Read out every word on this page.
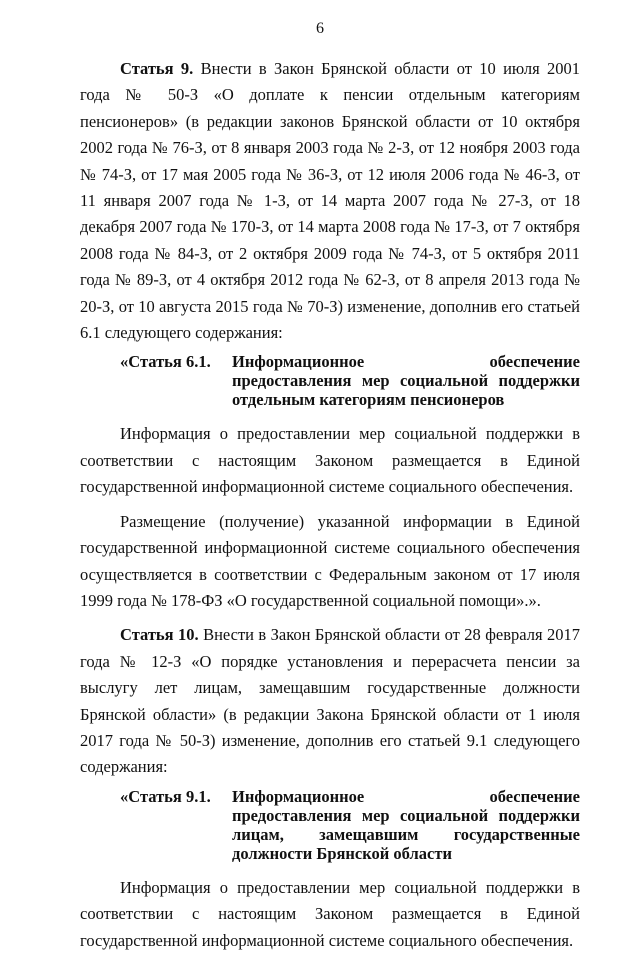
6

Статья 9. Внести в Закон Брянской области от 10 июля 2001 года № 50-З «О доплате к пенсии отдельным категориям пенсионеров» (в редакции законов Брянской области от 10 октября 2002 года № 76-З, от 8 января 2003 года № 2-З, от 12 ноября 2003 года № 74-З, от 17 мая 2005 года № 36-З, от 12 июля 2006 года № 46-З, от 11 января 2007 года № 1-З, от 14 марта 2007 года № 27-З, от 18 декабря 2007 года № 170-З, от 14 марта 2008 года № 17-З, от 7 октября 2008 года № 84-З, от 2 октября 2009 года № 74-З, от 5 октября 2011 года № 89-З, от 4 октября 2012 года № 62-З, от 8 апреля 2013 года № 20-З, от 10 августа 2015 года № 70-З) изменение, дополнив его статьей 6.1 следующего содержания:

«Статья 6.1.	Информационное обеспечение предоставления мер социальной поддержки отдельным категориям пенсионеров

Информация о предоставлении мер социальной поддержки в соответствии с настоящим Законом размещается в Единой государственной информационной системе социального обеспечения.

Размещение (получение) указанной информации в Единой государственной информационной системе социального обеспечения осуществляется в соответствии с Федеральным законом от 17 июля 1999 года № 178-ФЗ «О государственной социальной помощи».».

Статья 10. Внести в Закон Брянской области от 28 февраля 2017 года № 12-З «О порядке установления и перерасчета пенсии за выслугу лет лицам, замещавшим государственные должности Брянской области» (в редакции Закона Брянской области от 1 июля 2017 года № 50-З) изменение, дополнив его статьей 9.1 следующего содержания:

«Статья 9.1.	Информационное обеспечение предоставления мер социальной поддержки лицам, замещавшим государственные должности Брянской области

Информация о предоставлении мер социальной поддержки в соответствии с настоящим Законом размещается в Единой государственной информационной системе социального обеспечения.
